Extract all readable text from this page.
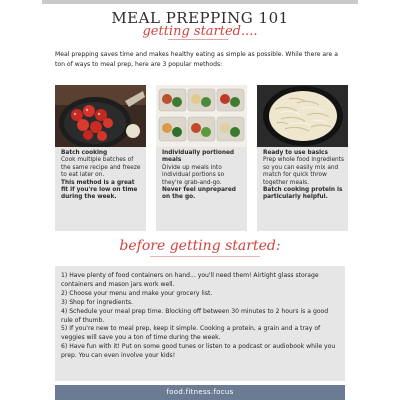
MEAL PREPPING 101
getting started....

Meal prepping saves time and makes healthy eating as simple as possible. While there are a ton of ways to meal prep, here are 3 popular methods:

Batch cooking
Cook multiple batches of the same recipe and freeze to eat later on.
This method is a great fit if you're low on time during the week.
Individually portioned meals
Divide up meals into individual portions so they're grab-and-go.
Never feel unprepared on the go.
Ready to use basics
Prep whole food ingredients so you can easily mix and match for quick throw together meals.
Batch cooking protein is particularly helpful.
before getting started:
1) Have plenty of food containers on hand... you'll need them! Airtight glass storage containers and mason jars work well.
2) Choose your menu and make your grocery list.
3) Shop for ingredients.
4) Schedule your meal prep time. Blocking off between 30 minutes to 2 hours is a good rule of thumb.
5) If you're new to meal prep, keep it simple. Cooking a protein, a grain and a tray of veggies will save you a ton of time during the week.
6) Have fun with it! Put on some good tunes or listen to a podcast or audiobook while you prep. You can even involve your kids!
food.fitness.focus
